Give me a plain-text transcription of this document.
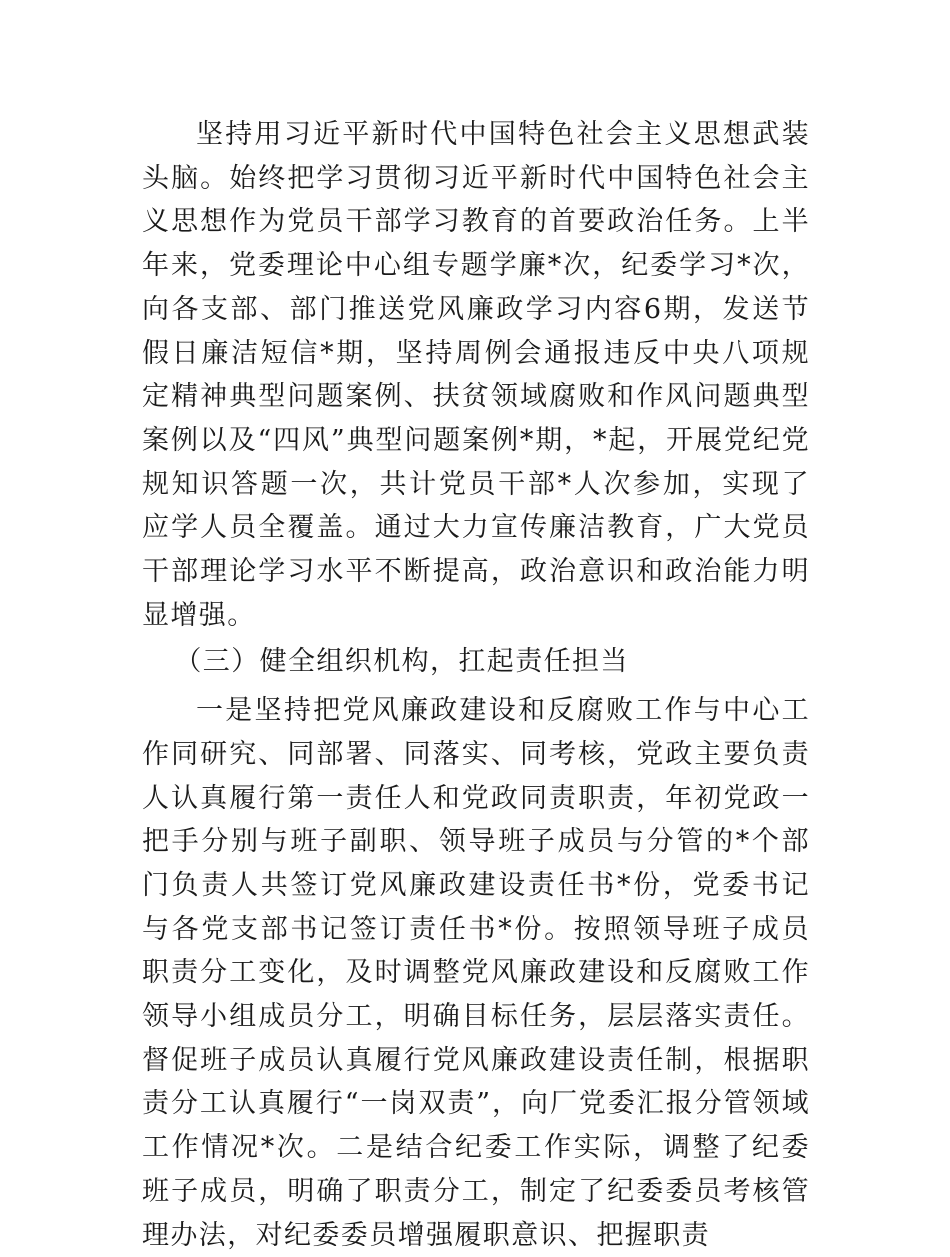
坚持用习近平新时代中国特色社会主义思想武装头脑。始终把学习贯彻习近平新时代中国特色社会主义思想作为党员干部学习教育的首要政治任务。上半年来，党委理论中心组专题学廉*次，纪委学习*次，向各支部、部门推送党风廉政学习内容6期，发送节假日廉洁短信*期，坚持周例会通报违反中央八项规定精神典型问题案例、扶贫领域腐败和作风问题典型案例以及“四风”典型问题案例*期，*起，开展党纪党规知识答题一次，共计党员干部*人次参加，实现了应学人员全覆盖。通过大力宣传廉洁教育，广大党员干部理论学习水平不断提高，政治意识和政治能力明显增强。

（三）健全组织机构，扛起责任担当

一是坚持把党风廉政建设和反腐败工作与中心工作同研究、同部署、同落实、同考核，党政主要负责人认真履行第一责任人和党政同责职责，年初党政一把手分别与班子副职、领导班子成员与分管的*个部门负责人共签订党风廉政建设责任书*份，党委书记与各党支部书记签订责任书*份。按照领导班子成员职责分工变化，及时调整党风廉政建设和反腐败工作领导小组成员分工，明确目标任务，层层落实责任。督促班子成员认真履行党风廉政建设责任制，根据职责分工认真履行“一岗双责”，向厂党委汇报分管领域工作情况*次。二是结合纪委工作实际，调整了纪委班子成员，明确了职责分工，制定了纪委委员考核管理办法，对纪委委员增强履职意识、把握职责
